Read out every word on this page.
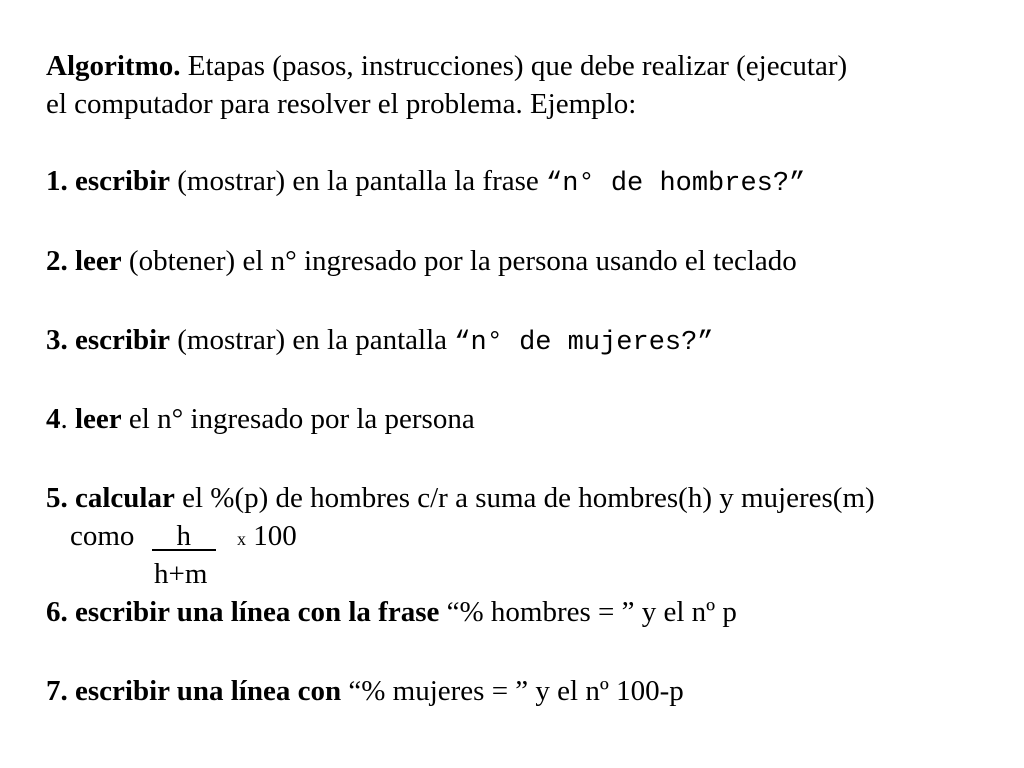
Algoritmo. Etapas (pasos, instrucciones) que debe realizar (ejecutar)
el computador para resolver el problema. Ejemplo:
1. escribir (mostrar) en la pantalla la frase “n° de hombres?”
2. leer (obtener) el n° ingresado por la persona usando el teclado
3. escribir (mostrar) en la pantalla “n° de mujeres?”
4. leer el n° ingresado por la persona
5. calcular el %(p) de hombres c/r a suma de hombres(h) y mujeres(m)
como h	x 100
h+m
6. escribir una línea con la frase “% hombres = ” y el nº p
7. escribir una línea con “% mujeres = ” y el nº 100-p
